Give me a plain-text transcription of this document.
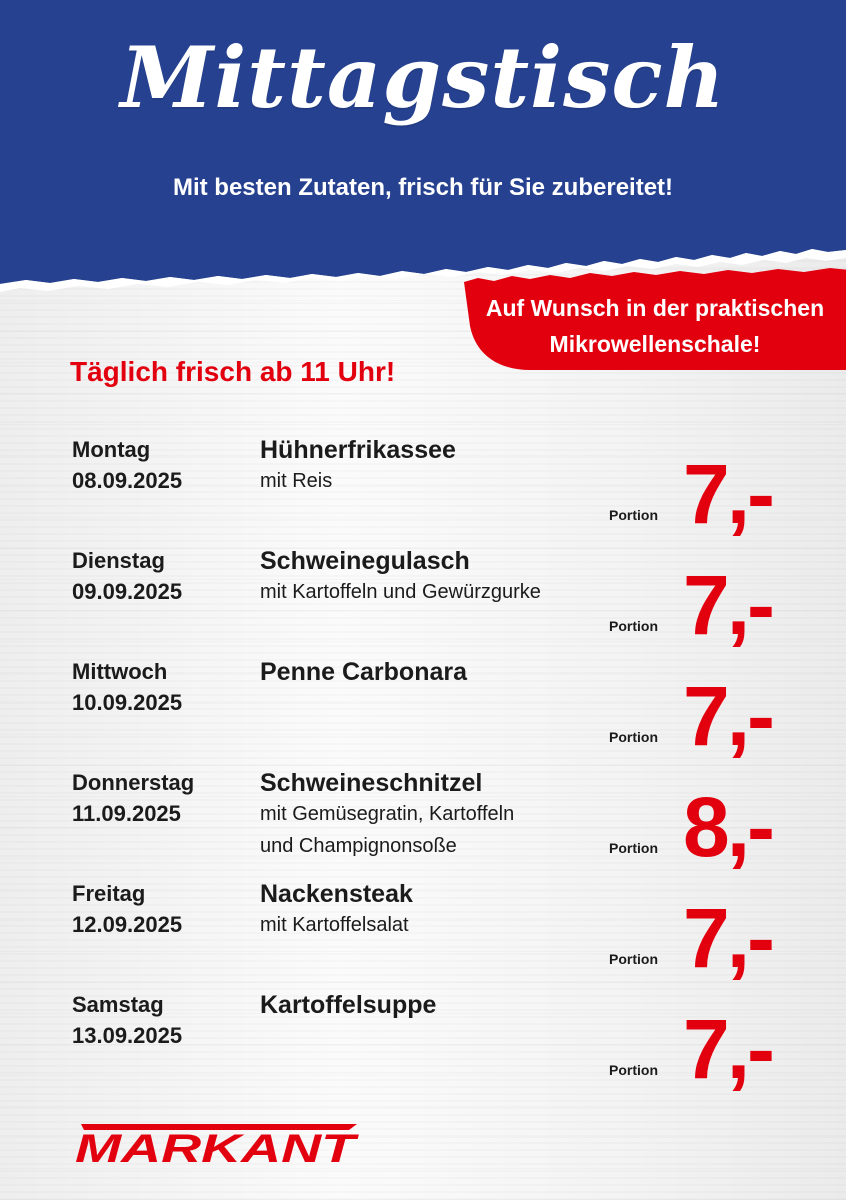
Mittagstisch
Mit besten Zutaten, frisch für Sie zubereitet!
Auf Wunsch in der praktischen
Mikrowellenschale!
Täglich frisch ab 11 Uhr!
Montag
08.09.2025
Hühnerfrikassee
mit Reis
Portion 7,-
Dienstag
09.09.2025
Schweinegulasch
mit Kartoffeln und Gewürzgurke
Portion 7,-
Mittwoch
10.09.2025
Penne Carbonara
Portion 7,-
Donnerstag
11.09.2025
Schweineschnitzel
mit Gemüsegratin, Kartoffeln
und Champignonsoße	Portion 8,-
Freitag
12.09.2025
Nackensteak
mit Kartoffelsalat
Portion 7,-
Samstag
13.09.2025
Kartoffelsuppe
Portion 7,-
MARKANT
